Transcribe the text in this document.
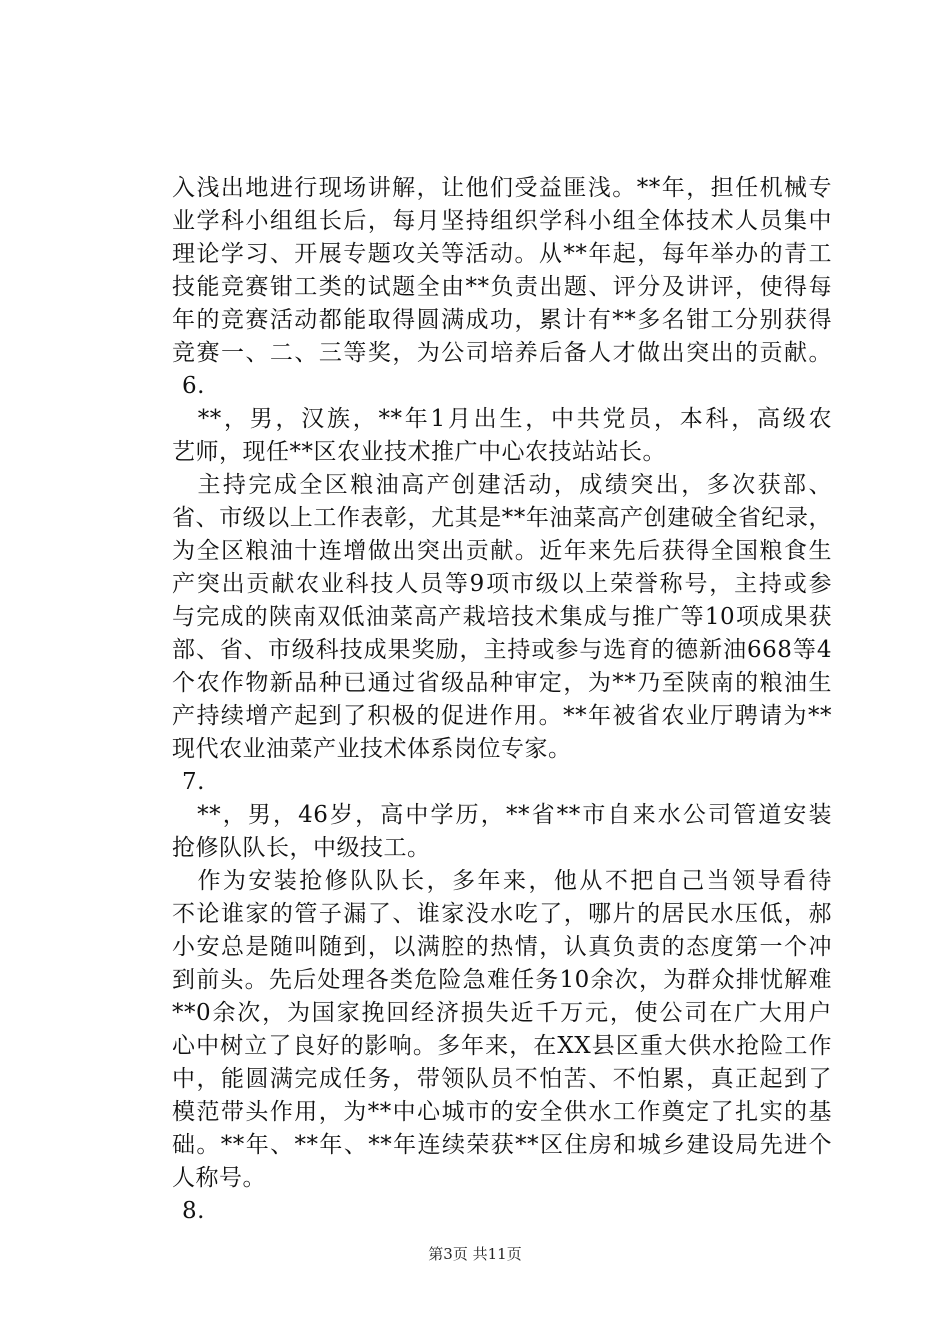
入浅出地进行现场讲解，让他们受益匪浅。**年，担任机械专
业学科小组组长后，每月坚持组织学科小组全体技术人员集中
理论学习、开展专题攻关等活动。从**年起，每年举办的青工
技能竞赛钳工类的试题全由**负责出题、评分及讲评，使得每
年的竞赛活动都能取得圆满成功，累计有**多名钳工分别获得
竞赛一、二、三等奖，为公司培养后备人才做出突出的贡献。
6.
　**，男，汉族，**年1月出生，中共党员，本科，高级农
艺师，现任**区农业技术推广中心农技站站长。
　主持完成全区粮油高产创建活动，成绩突出，多次获部、
省、市级以上工作表彰，尤其是**年油菜高产创建破全省纪录，
为全区粮油十连增做出突出贡献。近年来先后获得全国粮食生
产突出贡献农业科技人员等9项市级以上荣誉称号，主持或参
与完成的陕南双低油菜高产栽培技术集成与推广等10项成果获
部、省、市级科技成果奖励，主持或参与选育的德新油668等4
个农作物新品种已通过省级品种审定，为**乃至陕南的粮油生
产持续增产起到了积极的促进作用。**年被省农业厅聘请为**
现代农业油菜产业技术体系岗位专家。
7.
　**，男，46岁，高中学历，**省**市自来水公司管道安装
抢修队队长，中级技工。
　作为安装抢修队队长，多年来，他从不把自己当领导看待
不论谁家的管子漏了、谁家没水吃了，哪片的居民水压低，郝
小安总是随叫随到，以满腔的热情，认真负责的态度第一个冲
到前头。先后处理各类危险急难任务10余次，为群众排忧解难
**0余次，为国家挽回经济损失近千万元，使公司在广大用户
心中树立了良好的影响。多年来，在XX县区重大供水抢险工作
中，能圆满完成任务，带领队员不怕苦、不怕累，真正起到了
模范带头作用，为**中心城市的安全供水工作奠定了扎实的基
础。**年、**年、**年连续荣获**区住房和城乡建设局先进个
人称号。
8.
第3页 共11页
